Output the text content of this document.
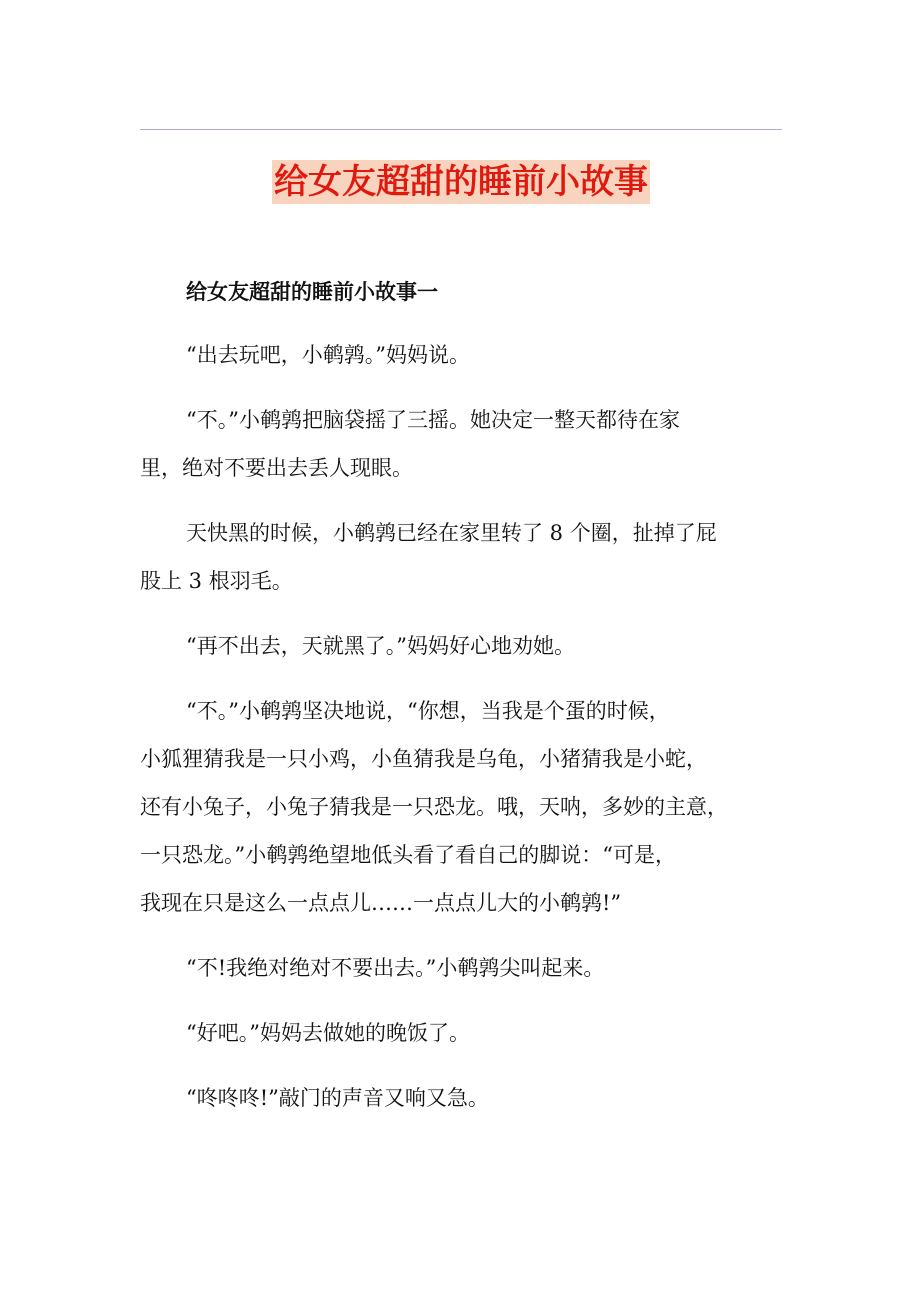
给女友超甜的睡前小故事
给女友超甜的睡前小故事一

“出去玩吧，小鹌鹑。”妈妈说。

“不。”小鹌鹑把脑袋摇了三摇。她决定一整天都待在家
里，绝对不要出去丢人现眼。

天快黑的时候，小鹌鹑已经在家里转了 8 个圈，扯掉了屁
股上 3 根羽毛。

“再不出去，天就黑了。”妈妈好心地劝她。

“不。”小鹌鹑坚决地说，“你想，当我是个蛋的时候，
小狐狸猜我是一只小鸡，小鱼猜我是乌龟，小猪猜我是小蛇，
还有小兔子，小兔子猜我是一只恐龙。哦，天呐，多妙的主意，
一只恐龙。”小鹌鹑绝望地低头看了看自己的脚说：“可是，
我现在只是这么一点点儿……一点点儿大的小鹌鹑!”

“不!我绝对绝对不要出去。”小鹌鹑尖叫起来。

“好吧。”妈妈去做她的晚饭了。

“咚咚咚!”敲门的声音又响又急。
